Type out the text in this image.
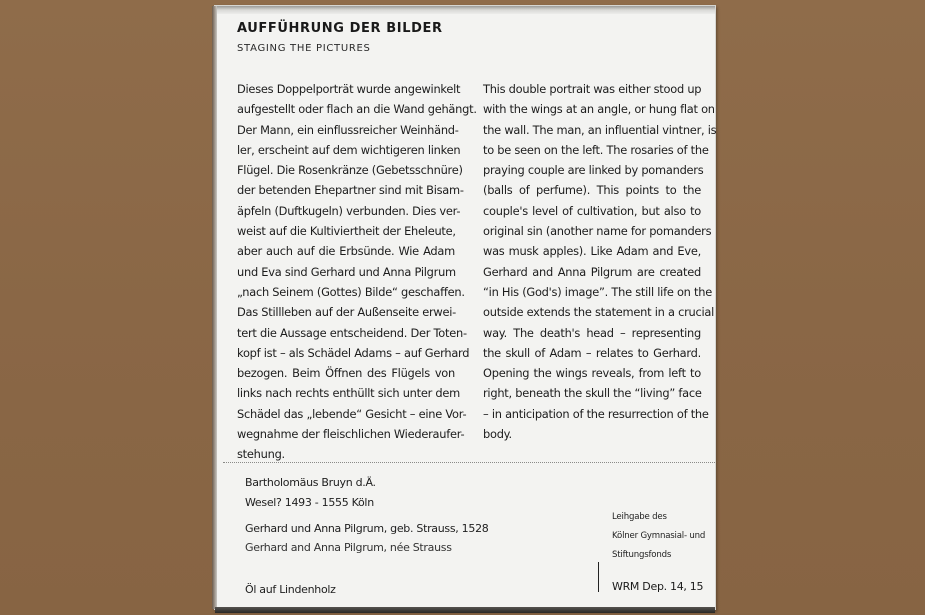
AUFFÜHRUNG DER BILDER
STAGING THE PICTURES
Dieses Doppelporträt wurde angewinkelt
aufgestellt oder flach an die Wand gehängt.
Der Mann, ein einflussreicher Weinhänd-
ler, erscheint auf dem wichtigeren linken
Flügel. Die Rosenkränze (Gebetsschnüre)
der betenden Ehepartner sind mit Bisam-
äpfeln (Duftkugeln) verbunden. Dies ver-
weist auf die Kultiviertheit der Eheleute,
aber auch auf die Erbsünde. Wie Adam
und Eva sind Gerhard und Anna Pilgrum
„nach Seinem (Gottes) Bilde“ geschaffen.
Das Stillleben auf der Außenseite erwei-
tert die Aussage entscheidend. Der Toten-
kopf ist – als Schädel Adams – auf Gerhard
bezogen. Beim Öffnen des Flügels von
links nach rechts enthüllt sich unter dem
Schädel das „lebende“ Gesicht – eine Vor-
wegnahme der fleischlichen Wiederaufer-
stehung.
This double portrait was either stood up
with the wings at an angle, or hung flat on
the wall. The man, an influential vintner, is
to be seen on the left. The rosaries of the
praying couple are linked by pomanders
(balls of perfume). This points to the
couple's level of cultivation, but also to
original sin (another name for pomanders
was musk apples). Like Adam and Eve,
Gerhard and Anna Pilgrum are created
“in His (God's) image”. The still life on the
outside extends the statement in a crucial
way. The death's head – representing
the skull of Adam – relates to Gerhard.
Opening the wings reveals, from left to
right, beneath the skull the “living” face
– in anticipation of the resurrection of the
body.
Bartholomäus Bruyn d.Ä.
Wesel? 1493 - 1555 Köln
Gerhard und Anna Pilgrum, geb. Strauss, 1528
Gerhard and Anna Pilgrum, née Strauss
Öl auf Lindenholz
Leihgabe des
Kölner Gymnasial- und
Stiftungsfonds
WRM Dep. 14, 15
